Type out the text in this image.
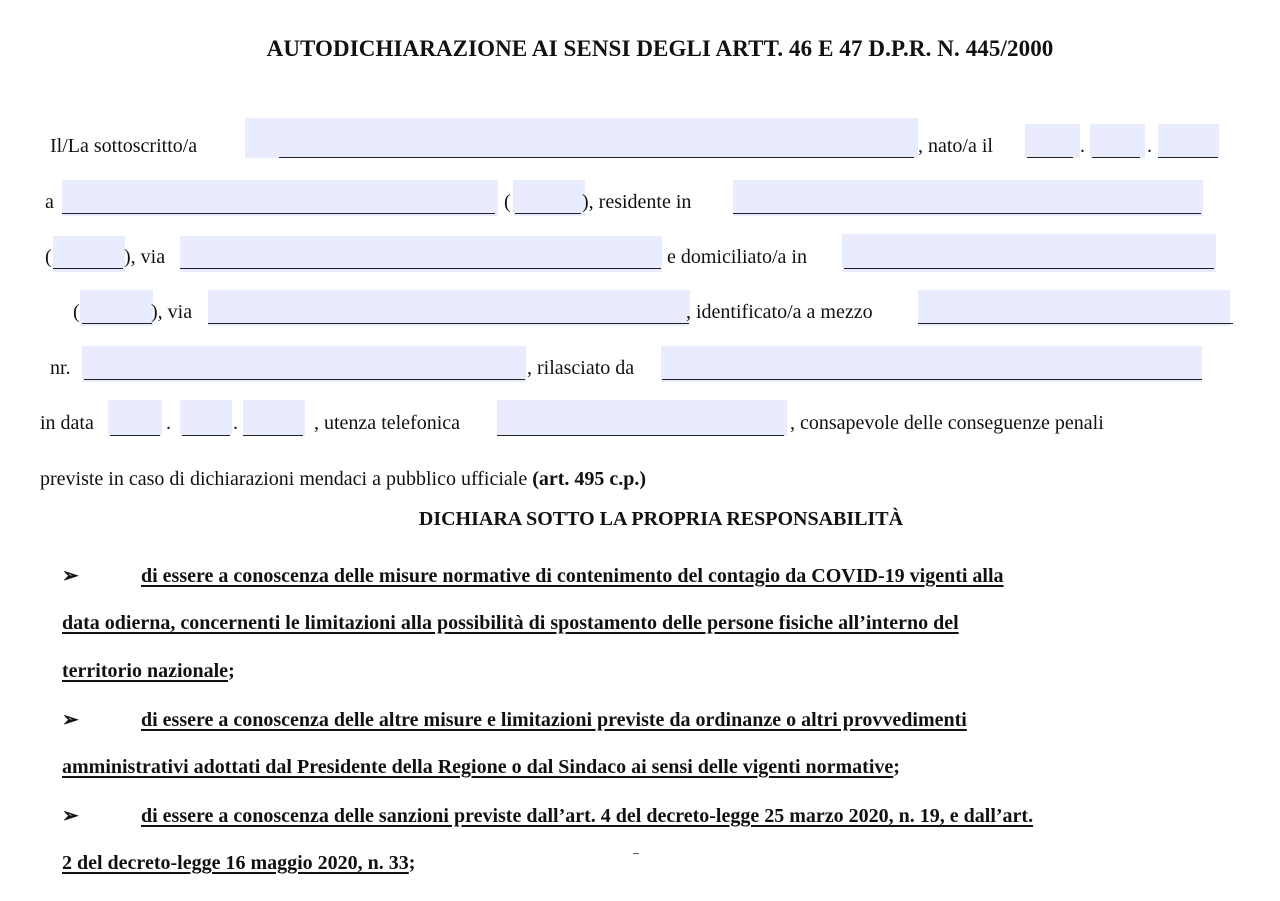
AUTODICHIARAZIONE AI SENSI DEGLI ARTT. 46 E 47 D.P.R. N. 445/2000
Il/La sottoscritto/a	, nato/a il	.	.
a	(	), residente in
(	), via	e domiciliato/a in
(	), via	, identificato/a a mezzo
nr.	, rilasciato da
in data	.	.	, utenza telefonica	, consapevole delle conseguenze penali
previste in caso di dichiarazioni mendaci a pubblico ufficiale (art. 495 c.p.)
DICHIARA SOTTO LA PROPRIA RESPONSABILITÀ
➢	di essere a conoscenza delle misure normative di contenimento del contagio da COVID-19 vigenti alla
data odierna, concernenti le limitazioni alla possibilità di spostamento delle persone fisiche all’interno del
territorio nazionale;
➢	di essere a conoscenza delle altre misure e limitazioni previste da ordinanze o altri provvedimenti
amministrativi adottati dal Presidente della Regione o dal Sindaco ai sensi delle vigenti normative;
➢	di essere a conoscenza delle sanzioni previste dall’art. 4 del decreto-legge 25 marzo 2020, n. 19, e dall’art.
2 del decreto-legge 16 maggio 2020, n. 33;
